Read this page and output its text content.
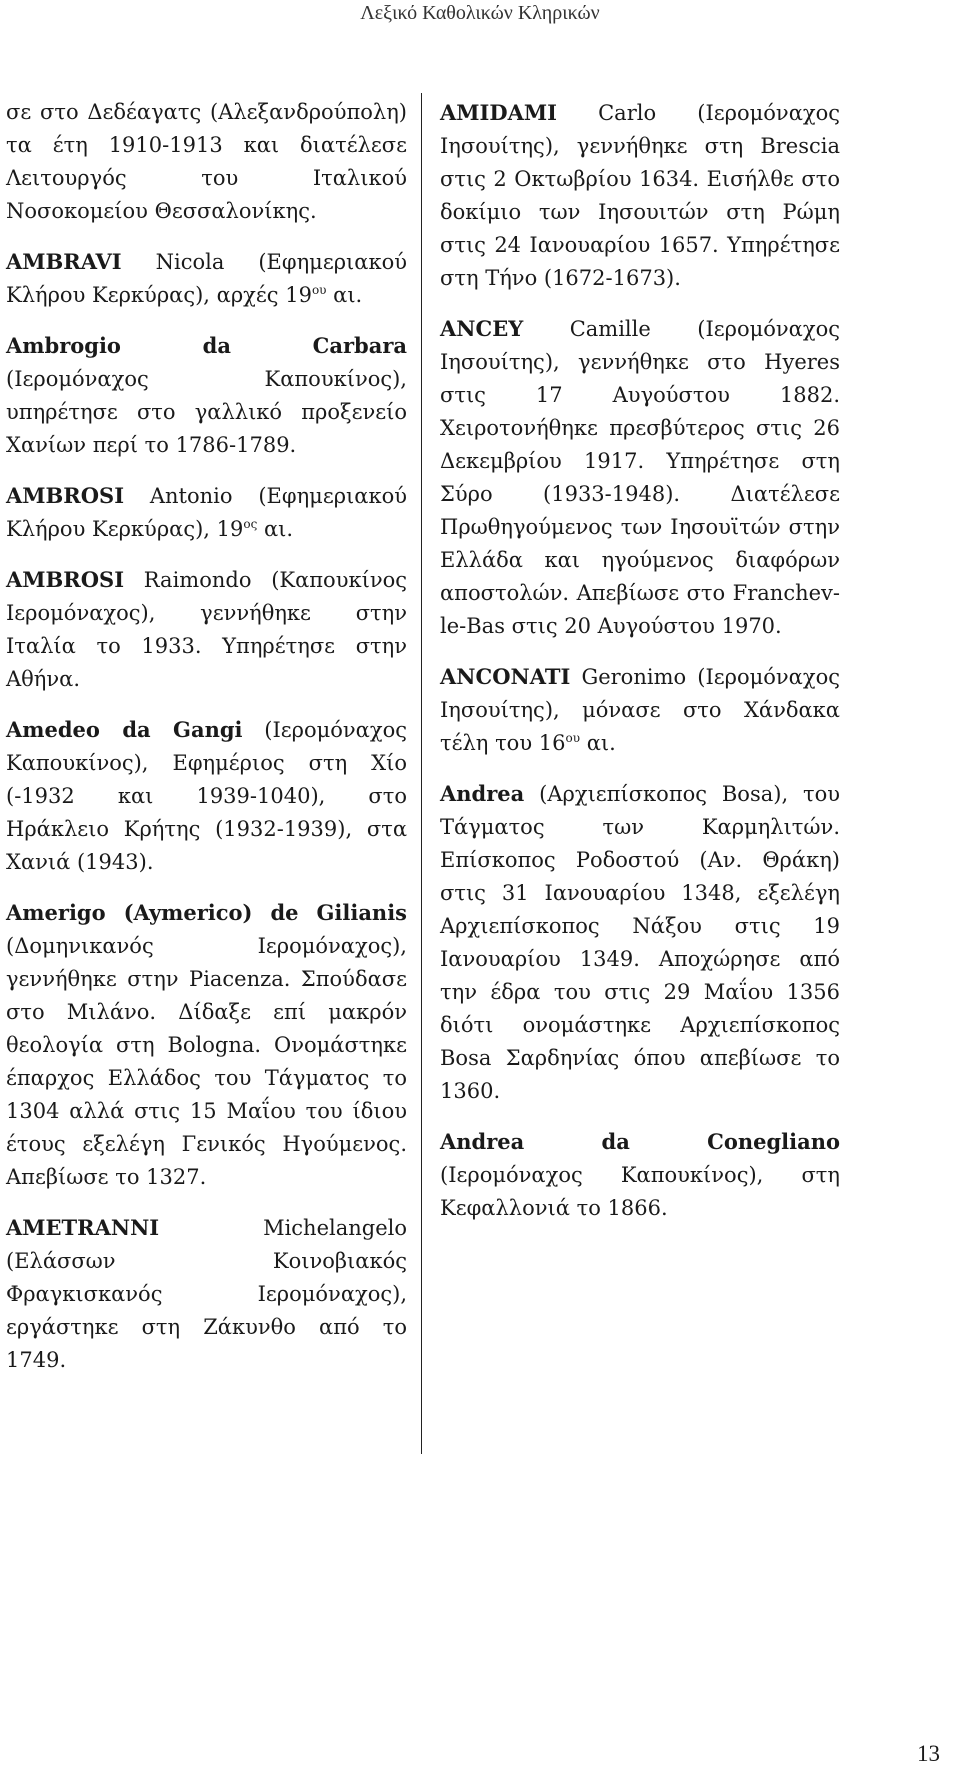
Λεξικό Καθολικών Κληρικών

σε στο Δεδέαγατς (Αλεξανδρούπολη) τα έτη 1910-1913 και διατέλεσε Λειτουργός του Ιταλικού Νοσοκομείου Θεσσαλονίκης.

AMBRAVI Nicola (Εφημεριακού Κλήρου Κερκύρας), αρχές $19^{o\upsilon}$ αι.

Ambrogio da Carbara (Ιερομόναχος Καπουκίνος), υπηρέτησε στο γαλλικό προξενείο Χανίων περί το 1786-1789.

AMBROSI Antonio (Εφημεριακού Κλήρου Κερκύρας), $19^{o\varsigma}$ αι.

AMBROSI Raimondo (Καπουκίνος Ιερομόναχος), γεννήθηκε στην Ιταλία το 1933. Υπηρέτησε στην Αθήνα.

Amedeo da Gangi (Ιερομόναχος Καπουκίνος), Εφημέριος στη Χίο (-1932 και 1939-1040), στο Ηράκλειο Κρήτης (1932-1939), στα Χανιά (1943).

Amerigo (Aymerico) de Gilianis (Δομηνικανός Ιερομόναχος), γεννήθηκε στην Piacenza. Σπούδασε στο Μιλάνο. Δίδαξε επί μακρόν θεολογία στη Bologna. Ονομάστηκε έπαρχος Ελλάδος του Τάγματος το 1304 αλλά στις 15 Μαΐου του ίδιου έτους εξελέγη Γενικός Ηγούμενος. Απεβίωσε το 1327.

AMETRANNI Michelangelo (Ελάσσων Κοινοβιακός Φραγκισκανός Ιερομόναχος), εργάστηκε στη Ζάκυνθο από το 1749.

AMIDAMI Carlo (Ιερομόναχος Ιησουίτης), γεννήθηκε στη Brescia στις 2 Οκτωβρίου 1634. Εισήλθε στο δοκίμιο των Ιησουιτών στη Ρώμη στις 24 Ιανουαρίου 1657. Υπηρέτησε στη Τήνο (1672-1673).

ANCEY Camille (Ιερομόναχος Ιησουίτης), γεννήθηκε στο Hyeres στις 17 Αυγούστου 1882. Χειροτονήθηκε πρεσβύτερος στις 26 Δεκεμβρίου 1917. Υπηρέτησε στη Σύρο (1933-1948). Διατέλεσε Πρωθηγούμενος των Ιησουϊτών στην Ελλάδα και ηγούμενος διαφόρων αποστολών. Απεβίωσε στο Franchev-le-Bas στις 20 Αυγούστου 1970.

ANCONATI Geronimo (Ιερομόναχος Ιησουίτης), μόνασε στο Χάνδακα τέλη του $16^{o\upsilon}$ αι.

Andrea (Αρχιεπίσκοπος Bosa), του Τάγματος των Καρμηλιτών. Επίσκοπος Ροδοστού (Αν. Θράκη) στις 31 Ιανουαρίου 1348, εξελέγη Αρχιεπίσκοπος Νάξου στις 19 Ιανουαρίου 1349. Αποχώρησε από την έδρα του στις 29 Μαΐου 1356 διότι ονομάστηκε Αρχιεπίσκοπος Bosa Σαρδηνίας όπου απεβίωσε το 1360.

Andrea da Conegliano (Ιερομόναχος Καπουκίνος), στη Κεφαλλονιά το 1866.

13
